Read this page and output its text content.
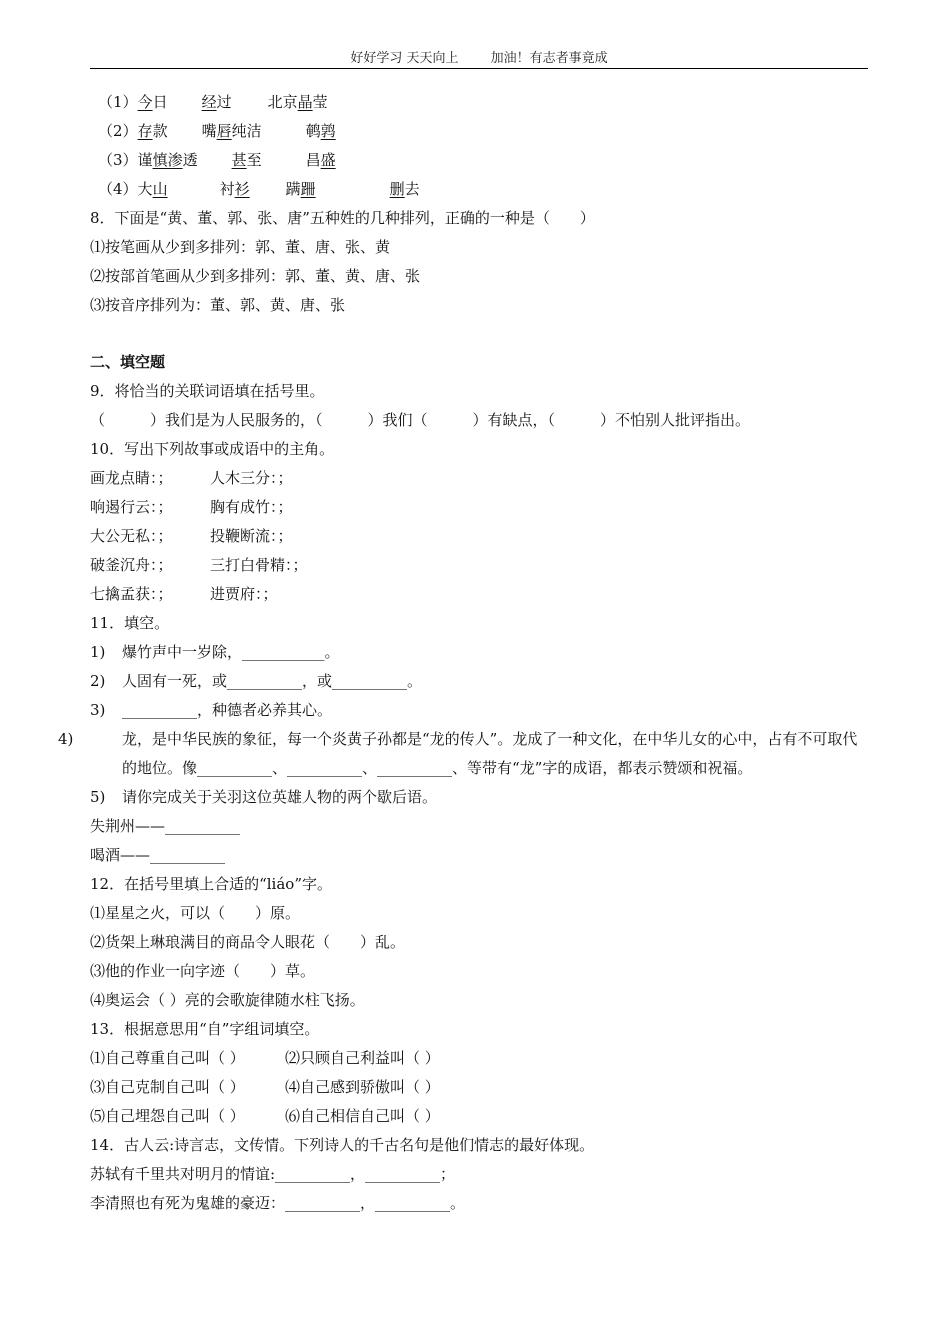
好好学习 天天向上 加油！有志者事竟成
（1）今日 经过 北京晶莹
（2）存款 嘴唇纯洁	鹌鹑
（3）谨慎渗透 甚至	昌盛
（4）大山	衬衫 蹒跚	删去
8．下面是“黄、董、郭、张、唐”五种姓的几种排列，正确的一种是（　　）
⑴按笔画从少到多排列：郭、董、唐、张、黄
⑵按部首笔画从少到多排列：郭、董、黄、唐、张
⑶按音序排列为：董、郭、黄、唐、张
二、填空题
9．将恰当的关联词语填在括号里。
（　　　）我们是为人民服务的，（　　　）我们（　　　）有缺点，（　　　）不怕别人批评指出。
10．写出下列故事或成语中的主角。
画龙点睛：； 人木三分：；
响遏行云：； 胸有成竹：；
大公无私：； 投鞭断流：；
破釜沉舟：； 三打白骨精：；
七擒孟获：； 进贾府：；
11．填空。
1) 爆竹声中一岁除，___________。
2) 人固有一死，或__________，或__________。
3) __________，种德者必养其心。
4)	龙，是中华民族的象征，每一个炎黄子孙都是“龙的传人”。龙成了一种文化，在中华儿女的心中，占有不可取代的地位。像__________、__________、__________、等带有“龙”字的成语，都表示赞颂和祝福。
5) 请你完成关于关羽这位英雄人物的两个歇后语。
失荆州——__________
喝酒——__________
12．在括号里填上合适的“liáo”字。
⑴星星之火，可以（　　）原。
⑵货架上琳琅满目的商品令人眼花（　　）乱。
⑶他的作业一向字迹（　　）草。
⑷奥运会（ ）亮的会歌旋律随水柱飞扬。
13．根据意思用“自”字组词填空。
⑴自己尊重自己叫（ ）	⑵只顾自己利益叫（ ）
⑶自己克制自己叫（ ）	⑷自己感到骄傲叫（ ）
⑸自己埋怨自己叫（ ）	⑹自己相信自己叫（ ）
14．古人云:诗言志，文传情。下列诗人的千古名句是他们情志的最好体现。
苏轼有千里共对明月的情谊:__________，__________；
李清照也有死为鬼雄的豪迈：__________，__________。
